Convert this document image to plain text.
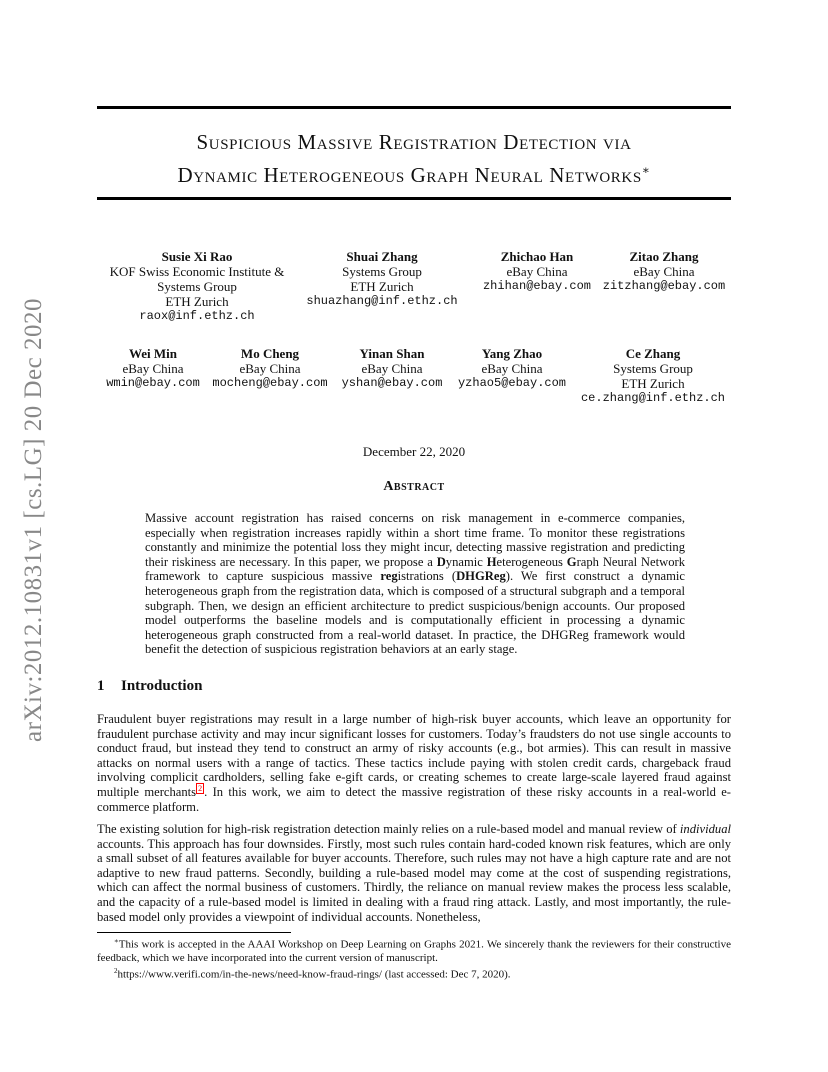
arXiv:2012.10831v1 [cs.LG] 20 Dec 2020
Suspicious Massive Registration Detection via
Dynamic Heterogeneous Graph Neural Networks∗
Susie Xi Rao
KOF Swiss Economic Institute &
Systems Group
ETH Zurich
raox@inf.ethz.ch
Shuai Zhang
Systems Group
ETH Zurich
shuazhang@inf.ethz.ch
Zhichao Han
eBay China
zhihan@ebay.com
Zitao Zhang
eBay China
zitzhang@ebay.com
Wei Min
eBay China
wmin@ebay.com
Mo Cheng
eBay China
mocheng@ebay.com
Yinan Shan
eBay China
yshan@ebay.com
Yang Zhao
eBay China
yzhao5@ebay.com
Ce Zhang
Systems Group
ETH Zurich
ce.zhang@inf.ethz.ch
December 22, 2020
Abstract
Massive account registration has raised concerns on risk management in e-commerce companies, especially when registration increases rapidly within a short time frame. To monitor these registrations constantly and minimize the potential loss they might incur, detecting massive registration and predicting their riskiness are necessary. In this paper, we propose a Dynamic Heterogeneous Graph Neural Network framework to capture suspicious massive registrations (DHGReg). We first construct a dynamic heterogeneous graph from the registration data, which is composed of a structural subgraph and a temporal subgraph. Then, we design an efficient architecture to predict suspicious/benign accounts. Our proposed model outperforms the baseline models and is computationally efficient in processing a dynamic heterogeneous graph constructed from a real-world dataset. In practice, the DHGReg framework would benefit the detection of suspicious registration behaviors at an early stage.
1 Introduction
Fraudulent buyer registrations may result in a large number of high-risk buyer accounts, which leave an opportunity for fraudulent purchase activity and may incur significant losses for customers. Today’s fraudsters do not use single accounts to conduct fraud, but instead they tend to construct an army of risky accounts (e.g., bot armies). This can result in massive attacks on normal users with a range of tactics. These tactics include paying with stolen credit cards, chargeback fraud involving complicit cardholders, selling fake e-gift cards, or creating schemes to create large-scale layered fraud against multiple merchants $^2$ . In this work, we aim to detect the massive registration of these risky accounts in a real-world e-commerce platform.
The existing solution for high-risk registration detection mainly relies on a rule-based model and manual review of individual accounts. This approach has four downsides. Firstly, most such rules contain hard-coded known risk features, which are only a small subset of all features available for buyer accounts. Therefore, such rules may not have a high capture rate and are not adaptive to new fraud patterns. Secondly, building a rule-based model may come at the cost of suspending registrations, which can affect the normal business of customers. Thirdly, the reliance on manual review makes the process less scalable, and the capacity of a rule-based model is limited in dealing with a fraud ring attack. Lastly, and most importantly, the rule-based model only provides a viewpoint of individual accounts. Nonetheless,
∗This work is accepted in the AAAI Workshop on Deep Learning on Graphs 2021. We sincerely thank the reviewers for their constructive feedback, which we have incorporated into the current version of manuscript.
$^2$https://www.verifi.com/in-the-news/need-know-fraud-rings/ (last accessed: Dec 7, 2020).
